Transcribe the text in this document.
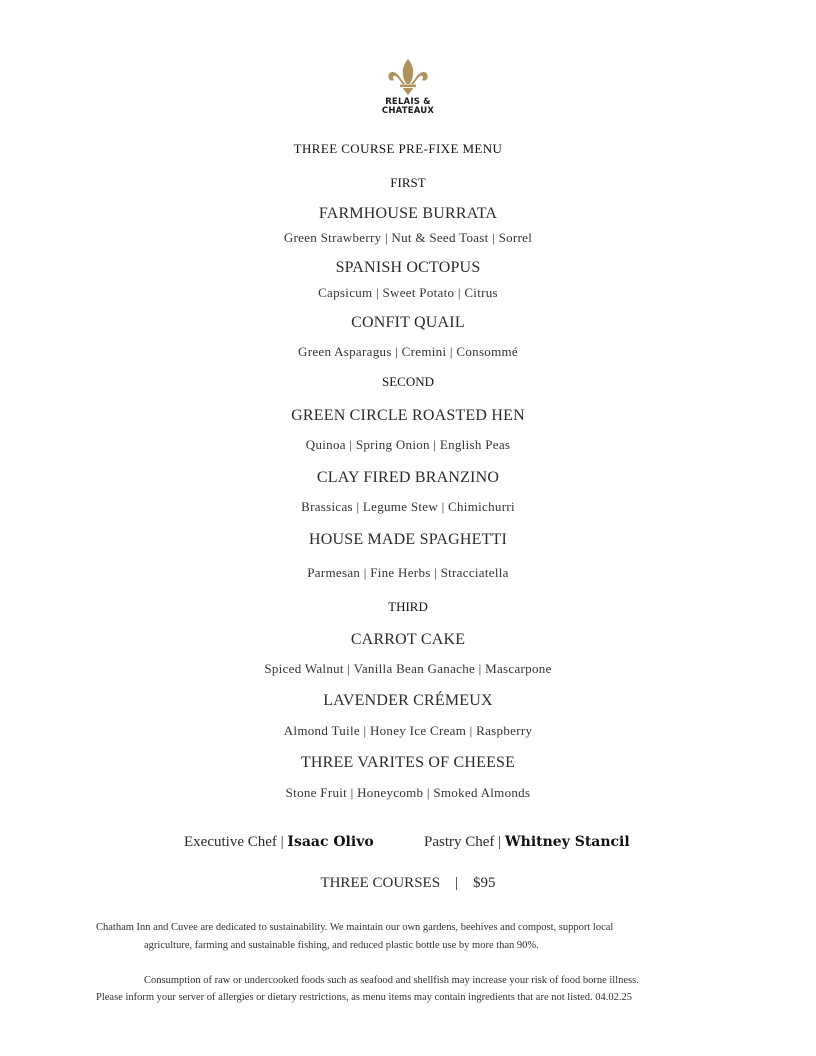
RELAIS &
CHATEAUX
THREE COURSE PRE-FIXE MENU
FIRST
FARMHOUSE BURRATA
Green Strawberry | Nut & Seed Toast | Sorrel
SPANISH OCTOPUS
Capsicum | Sweet Potato | Citrus
CONFIT QUAIL
Green Asparagus | Cremini | Consommé
SECOND
GREEN CIRCLE ROASTED HEN
Quinoa | Spring Onion | English Peas
CLAY FIRED BRANZINO
Brassicas | Legume Stew | Chimichurri
HOUSE MADE SPAGHETTI
Parmesan | Fine Herbs | Stracciatella
THIRD
CARROT CAKE
Spiced Walnut | Vanilla Bean Ganache | Mascarpone
LAVENDER CRÉMEUX
Almond Tuile | Honey Ice Cream | Raspberry
THREE VARITES OF CHEESE
Stone Fruit | Honeycomb | Smoked Almonds
Executive Chef | Isaac Olivo	Pastry Chef | Whitney Stancil
THREE COURSES    |    $95
Chatham Inn and Cuvee are dedicated to sustainability. We maintain our own gardens, beehives and compost, support local
agriculture, farming and sustainable fishing, and reduced plastic bottle use by more than 90%.
Consumption of raw or undercooked foods such as seafood and shellfish may increase your risk of food borne illness.
Please inform your server of allergies or dietary restrictions, as menu items may contain ingredients that are not listed. 04.02.25
